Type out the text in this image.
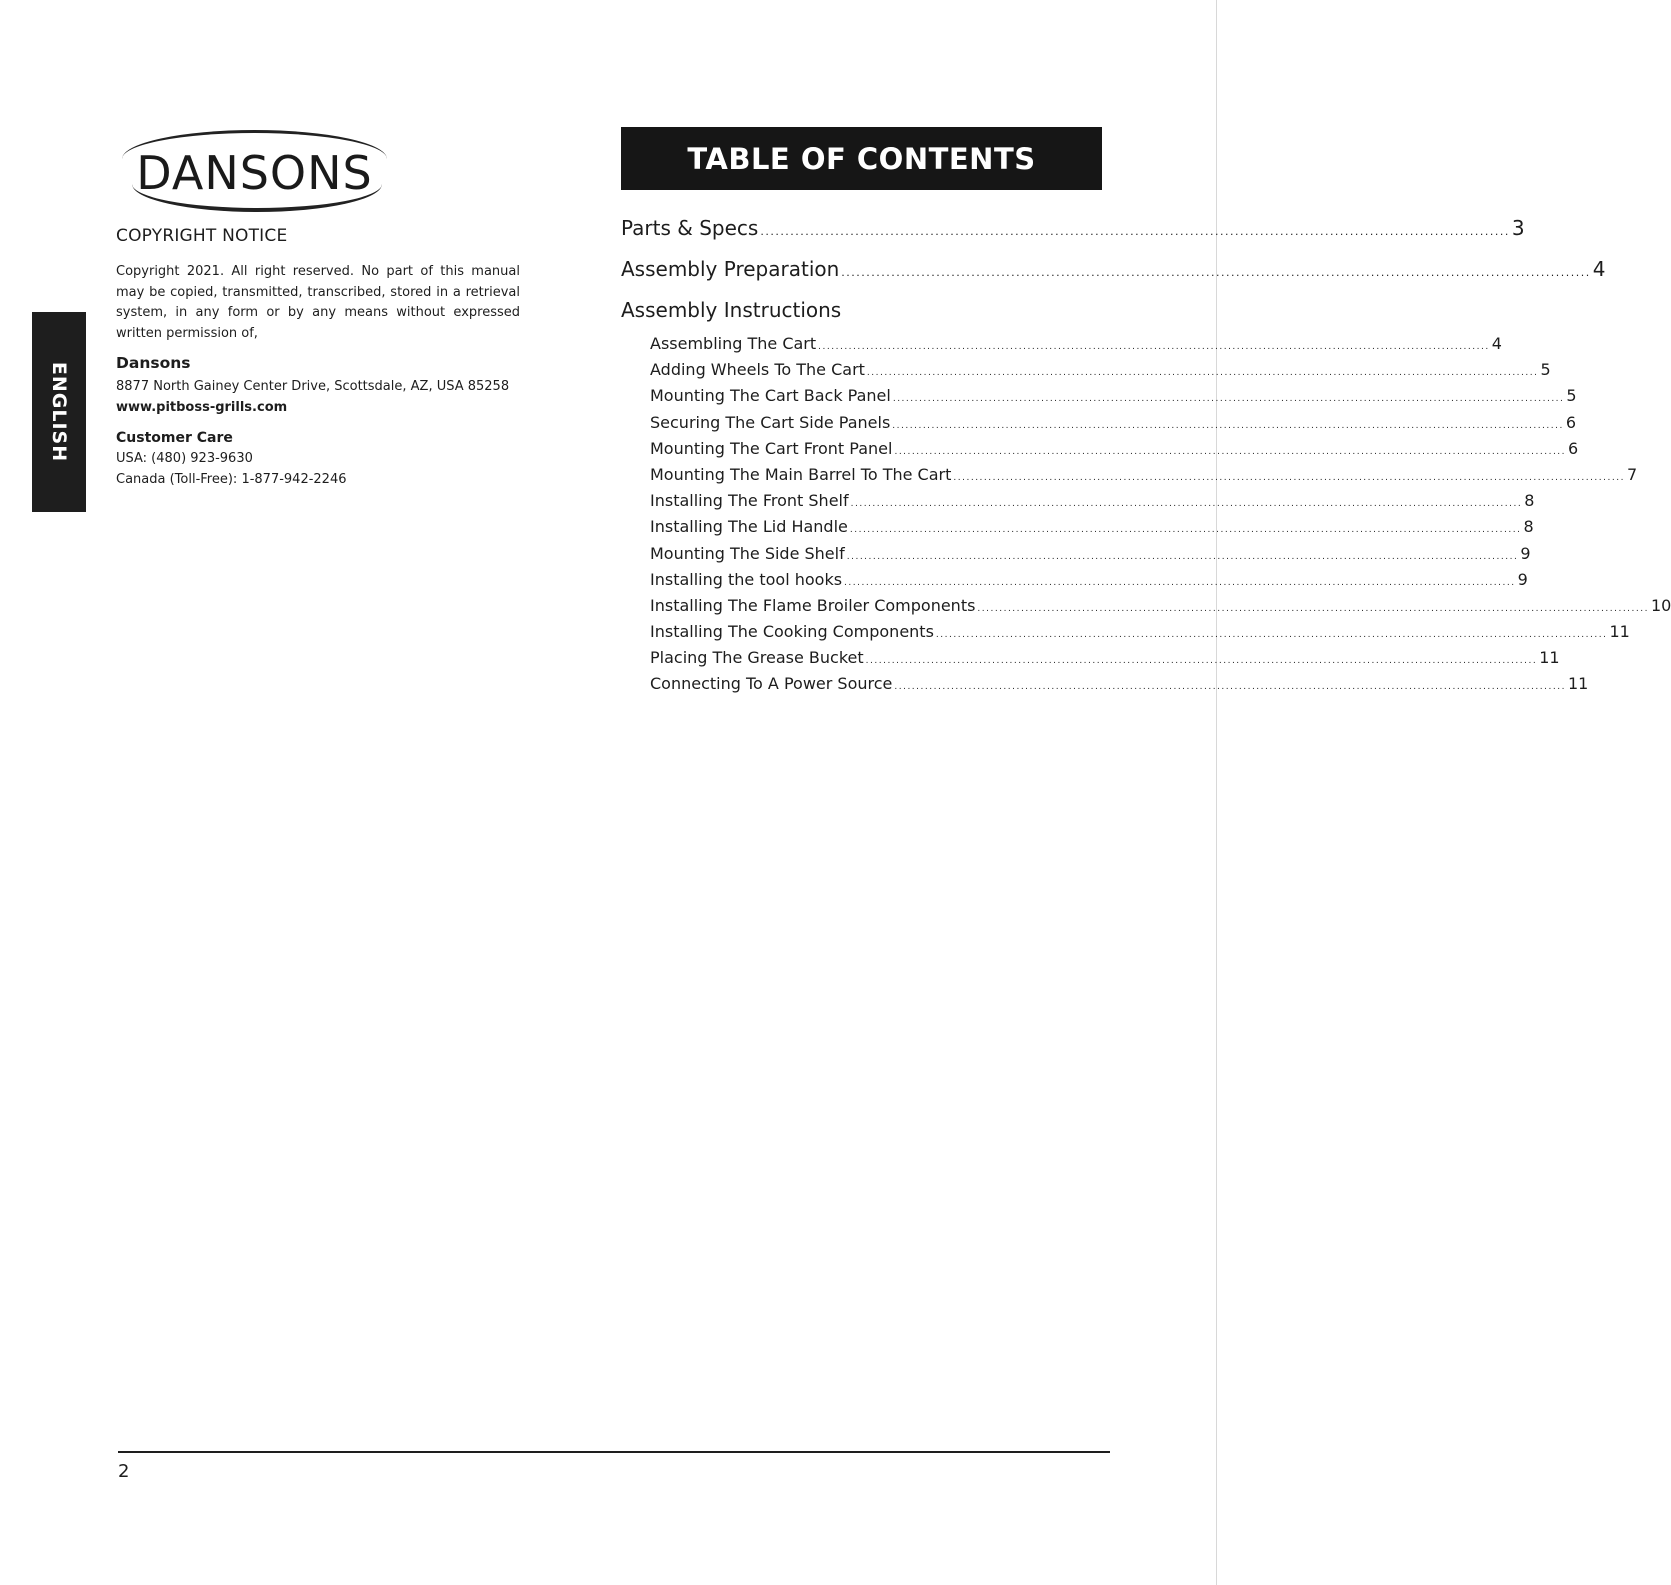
ENGLISH
DANSONS
COPYRIGHT NOTICE

Copyright 2021. All right reserved. No part of this manual may be copied, transmitted, transcribed, stored in a retrieval system, in any form or by any means without expressed written permission of,

Dansons
8877 North Gainey Center Drive, Scottsdale, AZ, USA 85258
www.pitboss-grills.com
Customer Care
USA: (480) 923-9630
Canada (Toll-Free): 1-877-942-2246
TABLE OF CONTENTS
Parts & Specs ...................................................................................................................................................... 3
Assembly Preparation ...................................................................................................................................................... 4
Assembly Instructions
Assembling The Cart .......................................................................................................................................................... 4
Adding Wheels To The Cart .......................................................................................................................................................... 5
Mounting The Cart Back Panel .......................................................................................................................................................... 5
Securing The Cart Side Panels .......................................................................................................................................................... 6
Mounting The Cart Front Panel .......................................................................................................................................................... 6
Mounting The Main Barrel To The Cart .......................................................................................................................................................... 7
Installing The Front Shelf .......................................................................................................................................................... 8
Installing The Lid Handle .......................................................................................................................................................... 8
Mounting The Side Shelf .......................................................................................................................................................... 9
Installing the tool hooks .......................................................................................................................................................... 9
Installing The Flame Broiler Components .......................................................................................................................................................... 10
Installing The Cooking Components .......................................................................................................................................................... 11
Placing The Grease Bucket .......................................................................................................................................................... 11
Connecting To A Power Source .......................................................................................................................................................... 11
2
